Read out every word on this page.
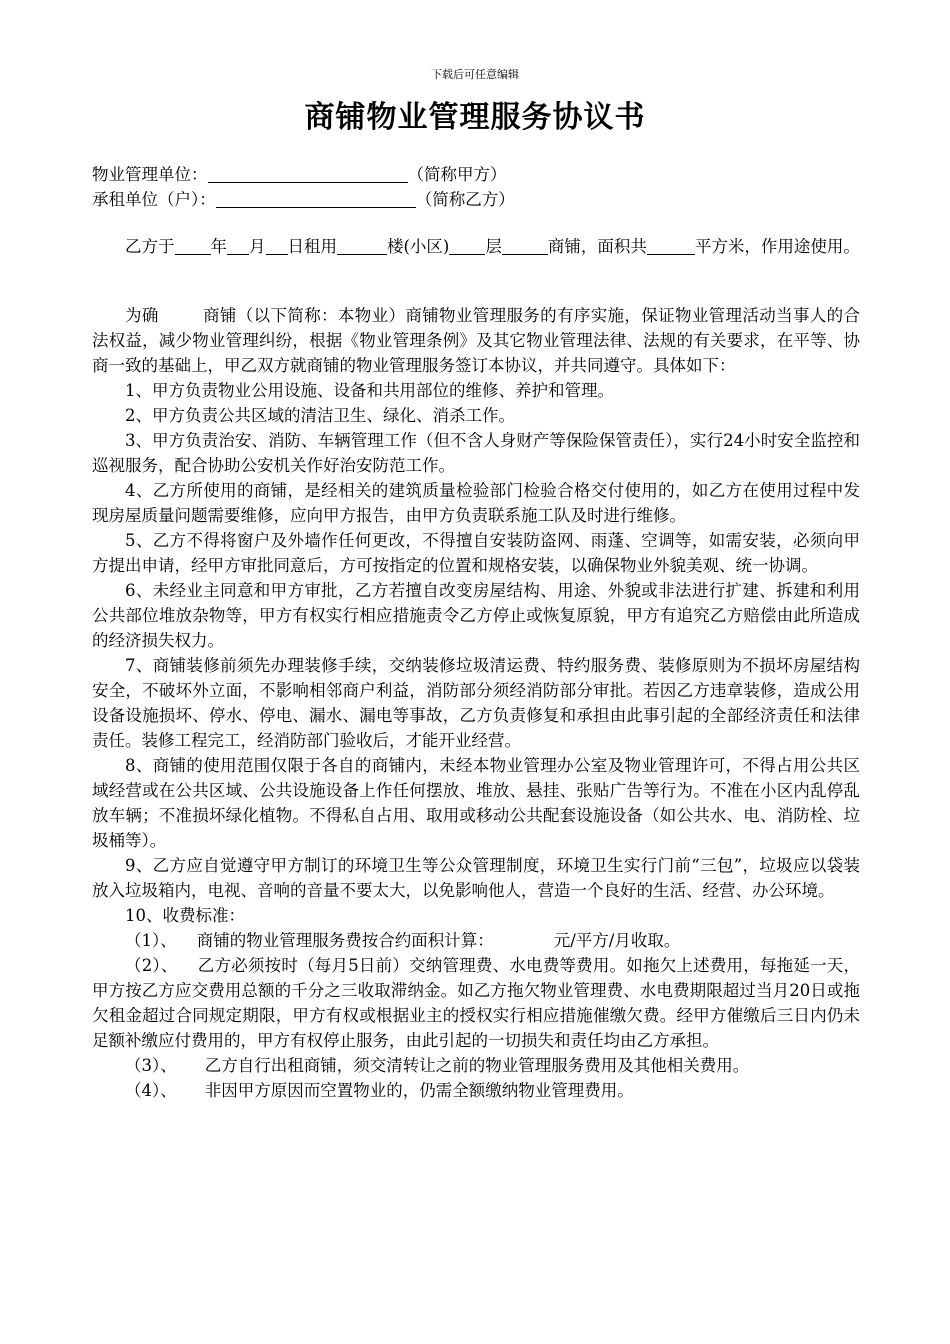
下载后可任意编辑
商铺物业管理服务协议书

物业管理单位：	（简称甲方）

承租单位（户）：	（简称乙方）

乙方于 年 月 日租用	楼(小区) 层	商铺，面积共	平方米，作用途使用。

为确	商铺（以下简称：本物业）商铺物业管理服务的有序实施，保证物业管理活动当事人的合法权益，减少物业管理纠纷，根据《物业管理条例》及其它物业管理法律、法规的有关要求，在平等、协商一致的基础上，甲乙双方就商铺的物业管理服务签订本协议，并共同遵守。具体如下：

1、甲方负责物业公用设施、设备和共用部位的维修、养护和管理。

2、甲方负责公共区域的清洁卫生、绿化、消杀工作。

3、甲方负责治安、消防、车辆管理工作（但不含人身财产等保险保管责任），实行24小时安全监控和巡视服务，配合协助公安机关作好治安防范工作。

4、乙方所使用的商铺，是经相关的建筑质量检验部门检验合格交付使用的，如乙方在使用过程中发现房屋质量问题需要维修，应向甲方报告，由甲方负责联系施工队及时进行维修。

5、乙方不得将窗户及外墙作任何更改，不得擅自安装防盗网、雨蓬、空调等，如需安装，必须向甲方提出申请，经甲方审批同意后，方可按指定的位置和规格安装，以确保物业外貌美观、统一协调。

6、未经业主同意和甲方审批，乙方若擅自改变房屋结构、用途、外貌或非法进行扩建、拆建和利用公共部位堆放杂物等，甲方有权实行相应措施责令乙方停止或恢复原貌，甲方有追究乙方赔偿由此所造成的经济损失权力。

7、商铺装修前须先办理装修手续，交纳装修垃圾清运费、特约服务费、装修原则为不损坏房屋结构安全，不破坏外立面，不影响相邻商户利益，消防部分须经消防部分审批。若因乙方违章装修，造成公用设备设施损坏、停水、停电、漏水、漏电等事故，乙方负责修复和承担由此事引起的全部经济责任和法律责任。装修工程完工，经消防部门验收后，才能开业经营。

8、商铺的使用范围仅限于各自的商铺内，未经本物业管理办公室及物业管理许可，不得占用公共区域经营或在公共区域、公共设施设备上作任何摆放、堆放、悬挂、张贴广告等行为。不准在小区内乱停乱放车辆；不准损坏绿化植物。不得私自占用、取用或移动公共配套设施设备（如公共水、电、消防栓、垃圾桶等）。

9、乙方应自觉遵守甲方制订的环境卫生等公众管理制度，环境卫生实行门前“三包”，垃圾应以袋装放入垃圾箱内，电视、音响的音量不要太大，以免影响他人，营造一个良好的生活、经营、办公环境。

10、收费标准：

（1）、 商铺的物业管理服务费按合约面积计算：	元/平方/月收取。

（2）、 乙方必须按时（每月5日前）交纳管理费、水电费等费用。如拖欠上述费用，每拖延一天，甲方按乙方应交费用总额的千分之三收取滞纳金。如乙方拖欠物业管理费、水电费期限超过当月20日或拖欠租金超过合同规定期限，甲方有权或根据业主的授权实行相应措施催缴欠费。经甲方催缴后三日内仍未足额补缴应付费用的，甲方有权停止服务，由此引起的一切损失和责任均由乙方承担。

（3）、 乙方自行出租商铺，须交清转让之前的物业管理服务费用及其他相关费用。

（4）、 非因甲方原因而空置物业的，仍需全额缴纳物业管理费用。
